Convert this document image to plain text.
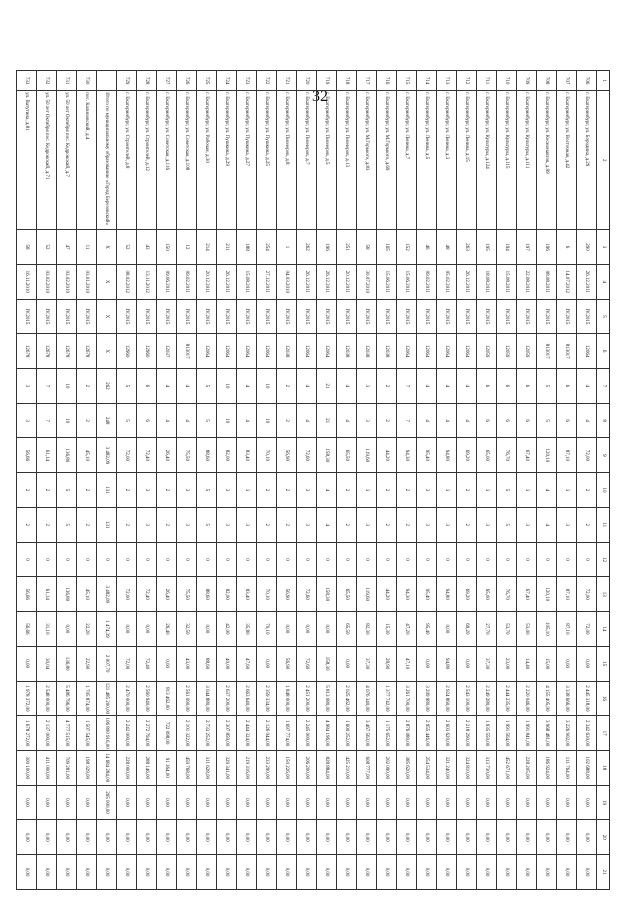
32
1	2	3	4	5	6	7	8	9	10	11	12	13	14	15	16	17	18	19	20	21
706	г. Екатеринбург, ул. Бородина, д.29	290	26.12.2011	IV.2015	12064	4	4	72,00	2	2	0	72,00	72,00	0,00	2 445 318,00	2 342 630,00	102 688,00	0,00	0,00	0,00
707	г. Екатеринбург, ул. Восточная, д.42	6	14.07.2012	IV.2015	813017	6	6	87,10	3	3	0	87,10	87,10	0,00	3 338 666,00	3 226 902,00	111 764,00	0,00	0,00	0,00
708	г. Екатеринбург, ул. Космонавтов, д.99	196	08.08.2011	IV.2015	813017	5	5	120,10	4	4	0	120,10	105,10	15,00	4 155 405,00	3 968 481,00	186 924,00	0,00	0,00	0,00
709	г. Екатеринбург, ул. Культуры, д.111	197	22.08.2011	IV.2015	12059	6	6	67,40	3	3	0	67,40	53,00	14,40	2 220 046,00	1 991 841,00	228 205,00	0,00	0,00	0,00
710	г. Екатеринбург, ул. Культуры, д.115	194	15.08.2011	IV.2015	12059	6	6	76,70	5	5	0	76,70	53,70	23,00	2 444 235,00	1 991 564,00	452 671,00	0,00	0,00	0,00
711	г. Екатеринбург, ул. Культуры, д.124	195	18.08.2011	IV.2015	12059	6	6	65,00	3	3	0	65,00	27,70	37,30	2 249 280,00	1 935 550,00	313 730,00	0,00	0,00	0,00
712	г. Екатеринбург, ул. Ленина, д.15	263	26.12.2011	IV.2015	12064	4	4	69,20	2	2	0	69,20	69,20	0,00	2 543 100,00	2 218 290,00	324 810,00	0,00	0,00	0,00
713	г. Екатеринбург, ул. Ленина, д.3	48	05.02.2011	IV.2015	12064	4	4	94,80	3	3	0	94,80	0,00	94,80	2 924 860,00	2 603 620,00	321 240,00	0,00	0,00	0,00
714	г. Екатеринбург, ул. Ленина, д.5	46	09.02.2011	IV.2015	12064	4	4	95,40	3	3	0	95,40	95,40	0,00	3 209 980,00	2 955 446,00	254 534,00	0,00	0,00	0,00
715	г. Екатеринбург, ул. Ленина, д.7	152	15.06.2011	IV.2015	12064	7	7	94,30	2	2	0	94,30	47,20	47,10	3 261 700,00	2 876 080,00	385 620,00	0,00	0,00	0,00
716	г. Екатеринбург, ул. М.Горького, д.69	165	15.06.2011	IV.2015	12038	2	2	44,20	2	2	0	44,20	15,30	28,90	1 377 742,00	1 175 652,00	202 090,00	0,00	0,00	0,00
717	г. Екатеринбург, ул. М.Горького, д.83	58	30.07.2010	IV.2015	12038	3	3	119,60	3	3	0	119,60	82,30	37,30	4 076 340,00	3 467 563,00	608 777,00	0,00	0,00	0,00
718	г. Екатеринбург, ул. Пионеров, д.13	251	20.12.2011	IV.2015	12038	4	4	65,50	2	2	0	65,50	65,50	0,00	2 025 462,00	1 600 252,00	425 210,00	0,00	0,00	0,00
719	г. Екатеринбург, ул. Пионеров, д.5	196	26.12.2011	IV.2015	12064	21	21	158,30	4	4	0	158,30	0,00	158,30	5 813 080,00	4 984 196,00	828 884,00	0,00	0,00	0,00
720	г. Екатеринбург, ул. Пионеров, д.7	262	26.12.2011	IV.2015	12064	4	4	72,60	3	3	0	72,60	0,00	72,60	2 451 200,00	2 245 000,00	206 200,00	0,00	0,00	0,00
721	г. Екатеринбург, ул. Пионеров, д.8	1	04.03.2010	IV.2015	12038	2	2	56,90	2	2	0	56,90	0,00	56,90	1 848 000,00	1 697 774,00	150 226,00	0,00	0,00	0,00
722	г. Екатеринбург, ул. Пушкина, д.25	254	27.12.2011	IV.2015	12064	10	10	70,10	2	2	0	70,10	70,10	0,00	2 359 334,00	2 126 044,00	233 290,00	0,00	0,00	0,00
723	г. Екатеринбург, ул. Пушкина, д.27	188	15.08.2011	IV.2015	12064	4	4	83,40	3	3	0	83,40	35,80	47,60	2 663 640,00	2 444 324,00	219 316,00	0,00	0,00	0,00
724	г. Екатеринбург, ул. Пушкина, д.29	211	26.12.2011	IV.2015	12064	10	10	82,00	3	3	0	82,00	42,00	40,00	2 637 200,00	2 307 859,00	329 341,00	0,00	0,00	0,00
725	г. Екатеринбург, ул. Рабочая, д.30	214	20.12.2011	IV.2015	12064	5	5	88,60	5	5	0	88,60	0,00	88,60	3 044 880,00	2 733 252,00	311 628,00	0,00	0,00	0,00
726	г. Екатеринбург, ул. Советская, д.108	12	09.02.2011	IV.2015	813017	4	4	75,50	3	3	0	75,50	32,50	43,00	2 561 090,00	2 101 322,00	459 768,00	0,00	0,00	0,00
727	г. Екатеринбург, ул. Советская, д.116	150	09.06.2011	IV.2015	12037	4	4	26,40	2	2	0	26,40	26,40	0,00	813 462,00	722 098,00	91 364,00	0,00	0,00	0,00
728	г. Екатеринбург, ул. Строителей, д.12	43	13.11.2012	IV.2015	12960	6	6	72,40	3	3	0	72,40	0,00	72,40	2 560 940,00	2 272 794,00	288 146,00	0,00	0,00	0,00
729	г. Екатеринбург, ул. Строителей, д.8	52	08.02.2012	IV.2015	12960	5	5	72,00	2	2	0	72,00	0,00	72,00	2 470 000,00	2 242 000,00	228 000,00	0,00	0,00	0,00
	Итого по муниципальному образованию «Город Березовский»	X	X	X	X	262	248	3 482,09	131	131	0	3 482,09	1 474,39	2 007,70	121 485 200,00	106 800 916,00	14 684 284,00	265 000,00	0,00	0,00
730	пос. Калиновский, д.4	11	03.01.2010	IV.2015	12678	2	2	45,10	2	2	0	45,10	22,20	22,90	1 705 874,00	1 507 545,00	198 329,00	0,00	0,00	0,00
731	ул. 50 лет Октября пос. Кедровский, д.7	47	03.02.2010	IV.2015	12678	10	10	136,80	5	5	0	136,80	0,00	136,80	5 486 796,00	4 777 515,00	709 281,00	0,00	0,00	0,00
732	ул. 50 лет Октября пос. Кедровский, д.71	52	03.02.2010	IV.2015	12678	7	7	61,14	2	2	0	61,14	31,10	30,04	2 548 000,00	2 137 000,00	411 000,00	0,00	0,00	0,00
733	ул. Ватутина, д.81	58	16.11.2010	IV.2015	12678	3	3	56,66	2	2	0	56,66	56,66	0,00	1 978 372,00	1 678 272,00	300 100,00	0,00	0,00	0,00
